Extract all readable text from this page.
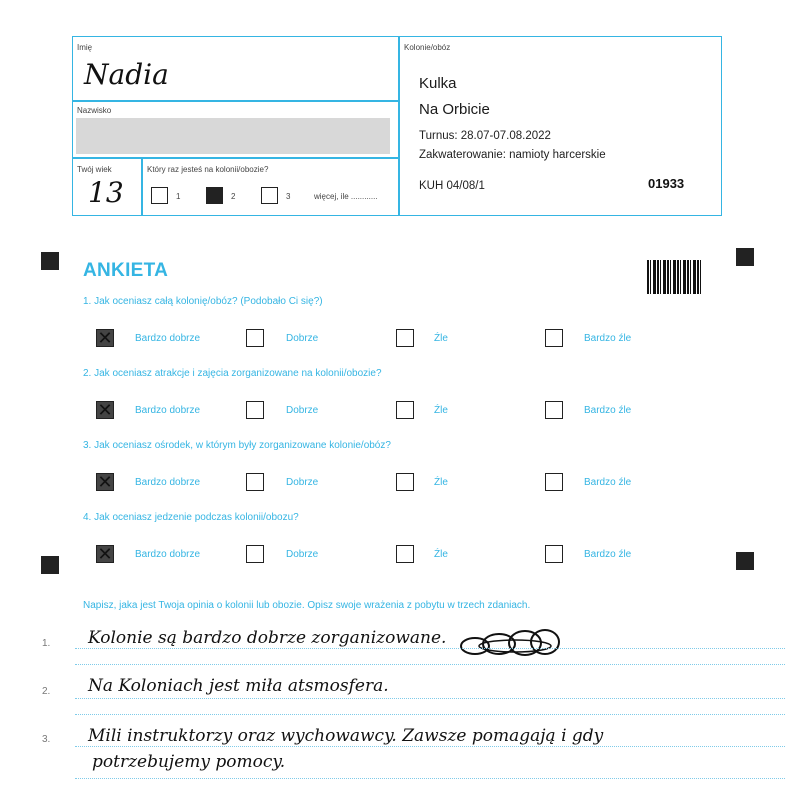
Imię
Nadia
Nazwisko
Twój wiek
13
Który raz jesteś na kolonii/obozie?
1	2	3	więcej, ile ............
Kolonie/obóz
Kulka
Na Orbicie
Turnus: 28.07-07.08.2022
Zakwaterowanie: namioty harcerskie
KUH 04/08/1	01933
ANKIETA
1. Jak oceniasz całą kolonię/obóz? (Podobało Ci się?)
✕
Bardzo dobrze	Dobrze	Źle	Bardzo źle
2. Jak oceniasz atrakcje i zajęcia zorganizowane na kolonii/obozie?
✕
Bardzo dobrze	Dobrze	Źle	Bardzo źle
3. Jak oceniasz ośrodek, w którym były zorganizowane kolonie/obóz?
✕
Bardzo dobrze	Dobrze	Źle	Bardzo źle
4. Jak oceniasz jedzenie podczas kolonii/obozu?
✕
Bardzo dobrze	Dobrze	Źle	Bardzo źle
Napisz, jaka jest Twoja opinia o kolonii lub obozie. Opisz swoje wrażenia z pobytu w trzech zdaniach.
1. Kolonie są bardzo dobrze zorganizowane.
2. Na Koloniach jest miła atsmosfera.
3. Mili instruktorzy oraz wychowawcy. Zawsze pomagają i gdy
potrzebujemy pomocy.
